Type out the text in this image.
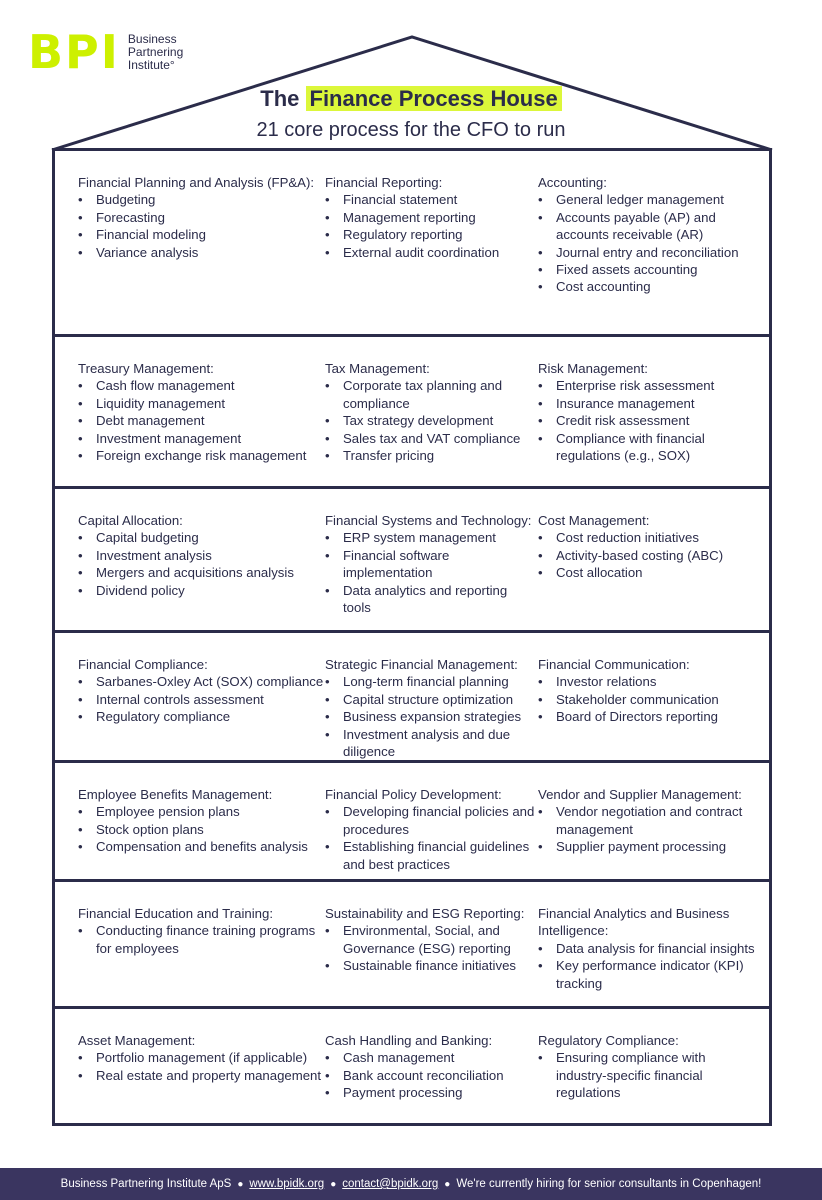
BPI Business
Partnering
Institute°
The Finance Process House
21 core process for the CFO to run
Financial Planning and Analysis (FP&A):
• Budgeting
• Forecasting
• Financial modeling
• Variance analysis
Financial Reporting:
• Financial statement
• Management reporting
• Regulatory reporting
• External audit coordination
Accounting:
• General ledger management
• Accounts payable (AP) and accounts receivable (AR)
• Journal entry and reconciliation
• Fixed assets accounting
• Cost accounting
Treasury Management:
• Cash flow management
• Liquidity management
• Debt management
• Investment management
• Foreign exchange risk management
Tax Management:
• Corporate tax planning and compliance
• Tax strategy development
• Sales tax and VAT compliance
• Transfer pricing
Risk Management:
• Enterprise risk assessment
• Insurance management
• Credit risk assessment
• Compliance with financial regulations (e.g., SOX)
Capital Allocation:
• Capital budgeting
• Investment analysis
• Mergers and acquisitions analysis
• Dividend policy
Financial Systems and Technology:
• ERP system management
• Financial software implementation
• Data analytics and reporting tools
Cost Management:
• Cost reduction initiatives
• Activity-based costing (ABC)
• Cost allocation
Financial Compliance:
• Sarbanes-Oxley Act (SOX) compliance
• Internal controls assessment
• Regulatory compliance
Strategic Financial Management:
• Long-term financial planning
• Capital structure optimization
• Business expansion strategies
• Investment analysis and due diligence
Financial Communication:
• Investor relations
• Stakeholder communication
• Board of Directors reporting
Employee Benefits Management:
• Employee pension plans
• Stock option plans
• Compensation and benefits analysis
Financial Policy Development:
• Developing financial policies and procedures
• Establishing financial guidelines and best practices
Vendor and Supplier Management:
• Vendor negotiation and contract management
• Supplier payment processing
Financial Education and Training:
• Conducting finance training programs for employees
Sustainability and ESG Reporting:
• Environmental, Social, and Governance (ESG) reporting
• Sustainable finance initiatives
Financial Analytics and Business Intelligence:
• Data analysis for financial insights
• Key performance indicator (KPI) tracking
Asset Management:
• Portfolio management (if applicable)
• Real estate and property management
Cash Handling and Banking:
• Cash management
• Bank account reconciliation
• Payment processing
Regulatory Compliance:
• Ensuring compliance with industry-specific financial regulations
Business Partnering Institute ApS ● www.bpidk.org ● contact@bpidk.org ● We're currently hiring for senior consultants in Copenhagen!
